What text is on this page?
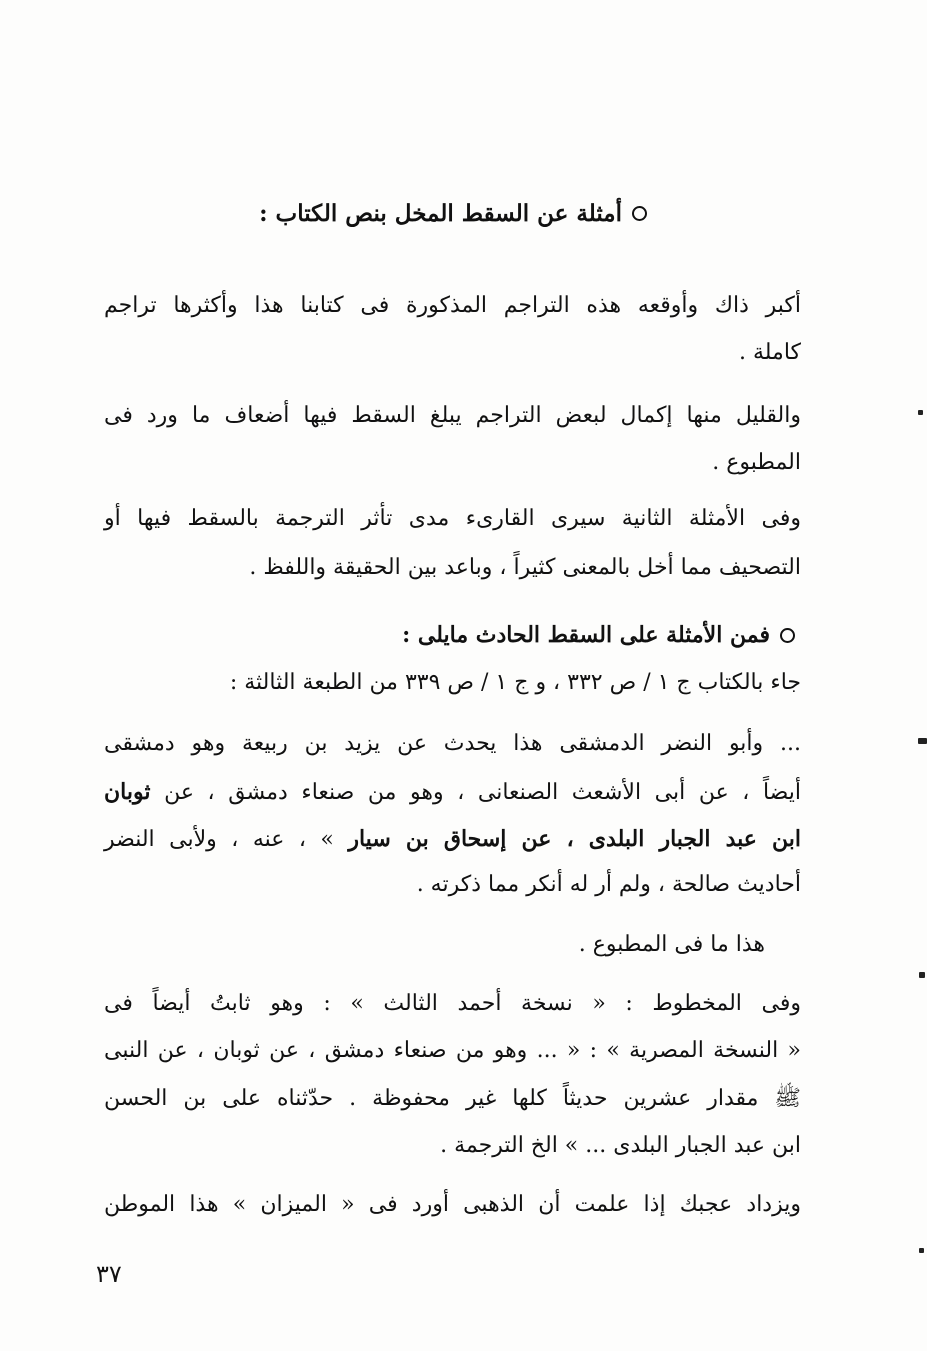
أمثلة عن السقط المخل بنص الكتاب :
أكبر ذاك وأوقعه هذه التراجم المذكورة فى كتابنا هذا وأكثرها تراجم
كاملة .
والقليل منها إكمال لبعض التراجم يبلغ السقط فيها أضعاف ما ورد فى
المطبوع .
وفى الأمثلة الثانية سيرى القارىء مدى تأثر الترجمة بالسقط فيها أو
التصحيف مما أخل بالمعنى كثيراً ، وباعد بين الحقيقة واللفظ .
فمن الأمثلة على السقط الحادث مايلى :
جاء بالكتاب ج ١ / ص ٣٣٢ ، و ج ١ / ص ٣٣٩ من الطبعة الثالثة :
... وأبو النضر الدمشقى هذا يحدث عن يزيد بن ربيعة وهو دمشقى
أيضاً ، عن أبى الأشعث الصنعانى ، وهو من صنعاء دمشق ، عن ثوبان
ابن عبد الجبار البلدى ، عن إسحاق بن سيار » ، عنه ، ولأبى النضر
أحاديث صالحة ، ولم أر له أنكر مما ذكرته .
هذا ما فى المطبوع .
وفى المخطوط : « نسخة أحمد الثالث » : وهو ثابتُ أيضاً فى
« النسخة المصرية » : « ... وهو من صنعاء دمشق ، عن ثوبان ، عن النبى
ﷺ مقدار عشرين حديثاً كلها غير محفوظة . حدّثناه على بن الحسن
ابن عبد الجبار البلدى ... » الخ الترجمة .
ويزداد عجبك إذا علمت أن الذهبى أورد فى « الميزان » هذا الموطن
٣٧
